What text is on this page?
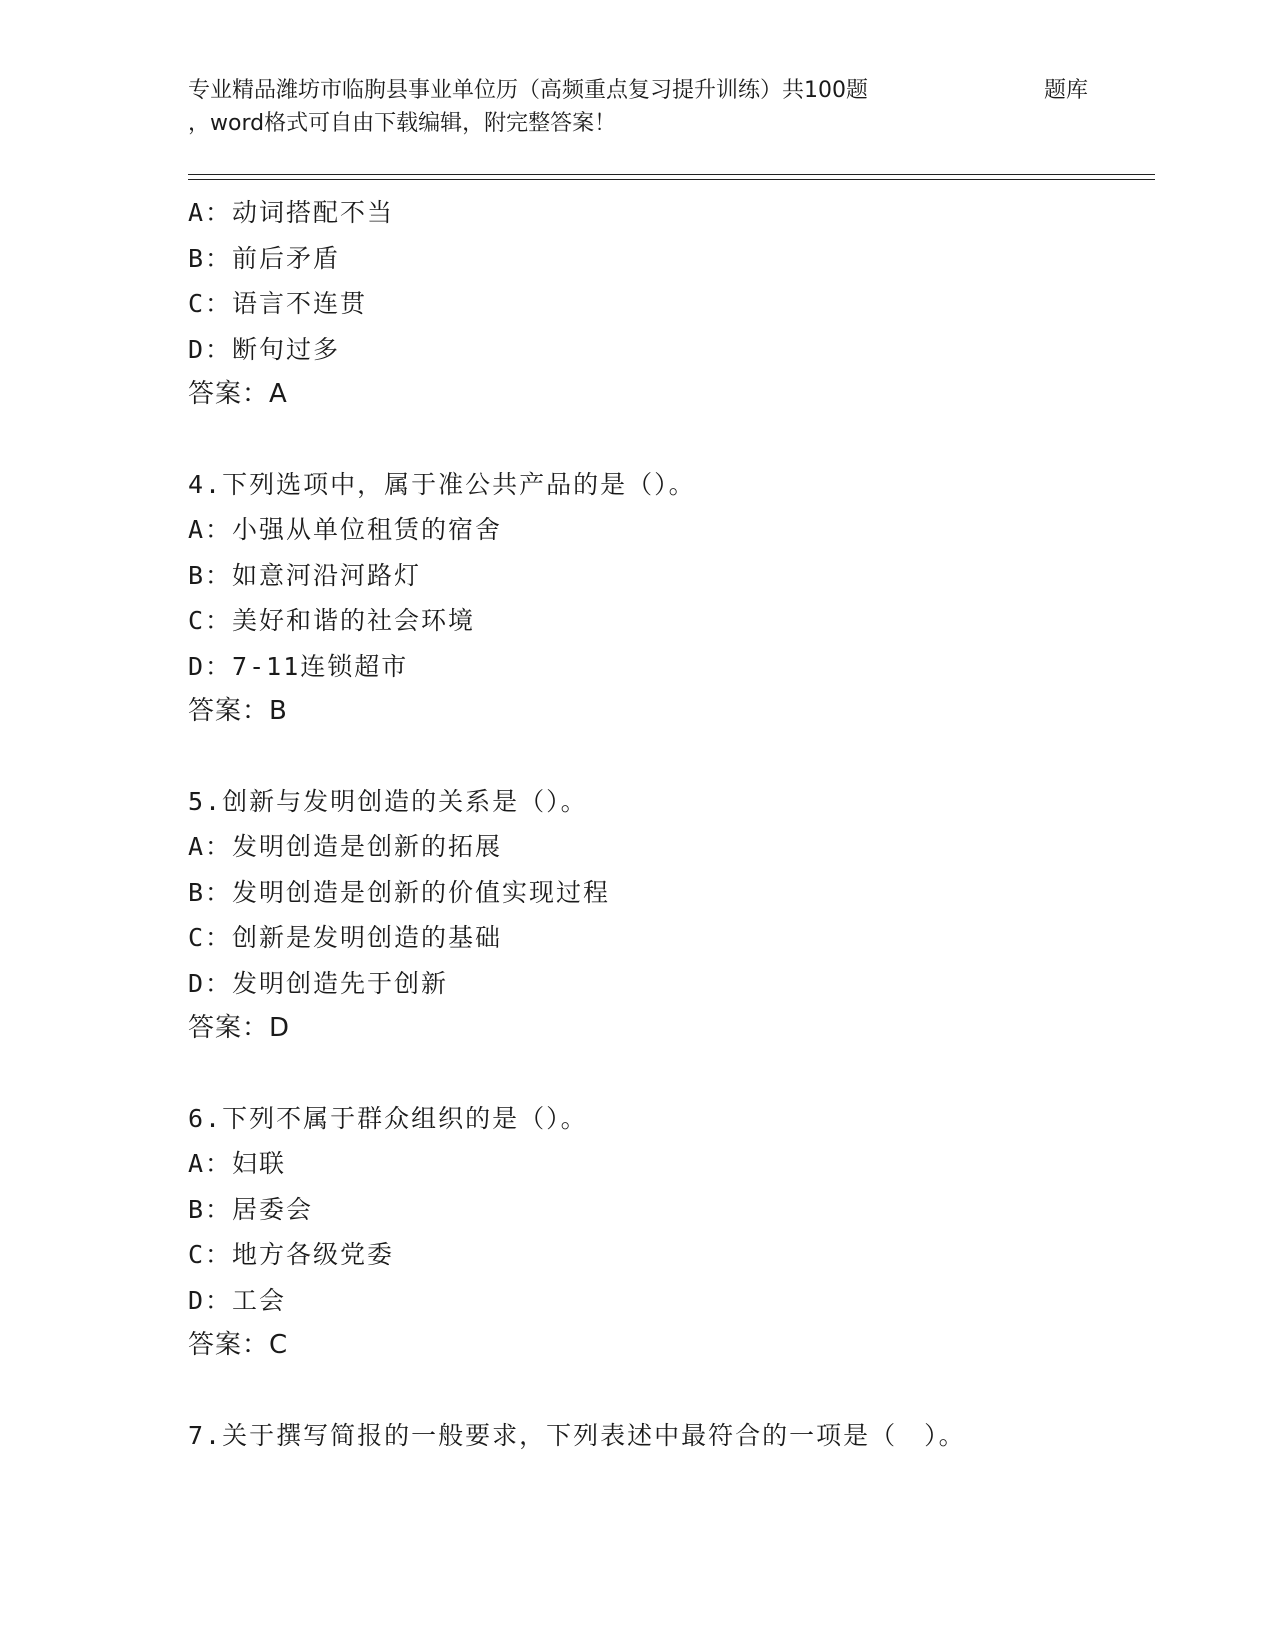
专业精品潍坊市临朐县事业单位历（高频重点复习提升训练）共100题	题库
，word格式可自由下载编辑，附完整答案！
A：动词搭配不当
B：前后矛盾
C：语言不连贯
D：断句过多
答案：A
4.下列选项中，属于准公共产品的是（）。
A：小强从单位租赁的宿舍
B：如意河沿河路灯
C：美好和谐的社会环境
D：7-11连锁超市
答案：B
5.创新与发明创造的关系是（）。
A：发明创造是创新的拓展
B：发明创造是创新的价值实现过程
C：创新是发明创造的基础
D：发明创造先于创新
答案：D
6.下列不属于群众组织的是（）。
A：妇联
B：居委会
C：地方各级党委
D：工会
答案：C
7.关于撰写简报的一般要求，下列表述中最符合的一项是（　）。
